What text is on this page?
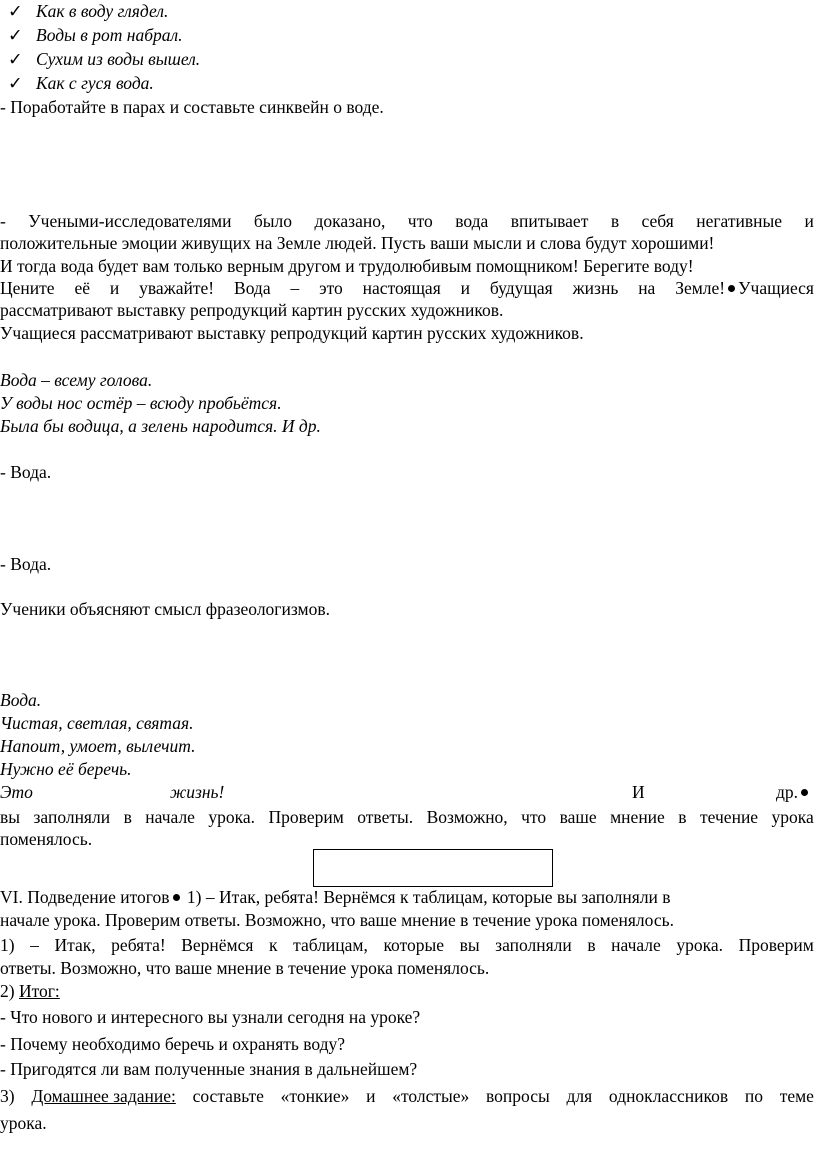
✓ Как в воду глядел.
✓ Воды в рот набрал.
✓ Сухим из воды вышел.
✓ Как с гуся вода.
- Поработайте в парах и составьте синквейн о воде.
- Учеными-исследователями было доказано, что вода впитывает в себя негативные и
положительные эмоции живущих на Земле людей. Пусть ваши мысли и слова будут хорошими!
И тогда вода будет вам только верным другом и трудолюбивым помощником! Берегите воду!
Цените её и уважайте! Вода – это настоящая и будущая жизнь на Земле! Учащиеся
рассматривают выставку репродукций картин русских художников.
Учащиеся рассматривают выставку репродукций картин русских художников.
Вода – всему голова.
У воды нос остёр – всюду пробьётся.
Была бы водица, а зелень народится. И др.
- Вода.
- Вода.
Ученики объясняют смысл фразеологизмов.
Вода.
Чистая, светлая, святая.
Напоит, умоет, вылечит.
Нужно её беречь.
Это	жизнь!	И	др.
вы заполняли в начале урока. Проверим ответы. Возможно, что ваше мнение в течение урока
поменялось.
VI. Подведение итогов 1) – Итак, ребята! Вернёмся к таблицам, которые вы заполняли в
начале урока. Проверим ответы. Возможно, что ваше мнение в течение урока поменялось.
1) – Итак, ребята! Вернёмся к таблицам, которые вы заполняли в начале урока. Проверим
ответы. Возможно, что ваше мнение в течение урока поменялось.
2) Итог:
- Что нового и интересного вы узнали сегодня на уроке?
- Почему необходимо беречь и охранять воду?
- Пригодятся ли вам полученные знания в дальнейшем?
3) Домашнее задание: составьте «тонкие» и «толстые» вопросы для одноклассников по теме
урока.
